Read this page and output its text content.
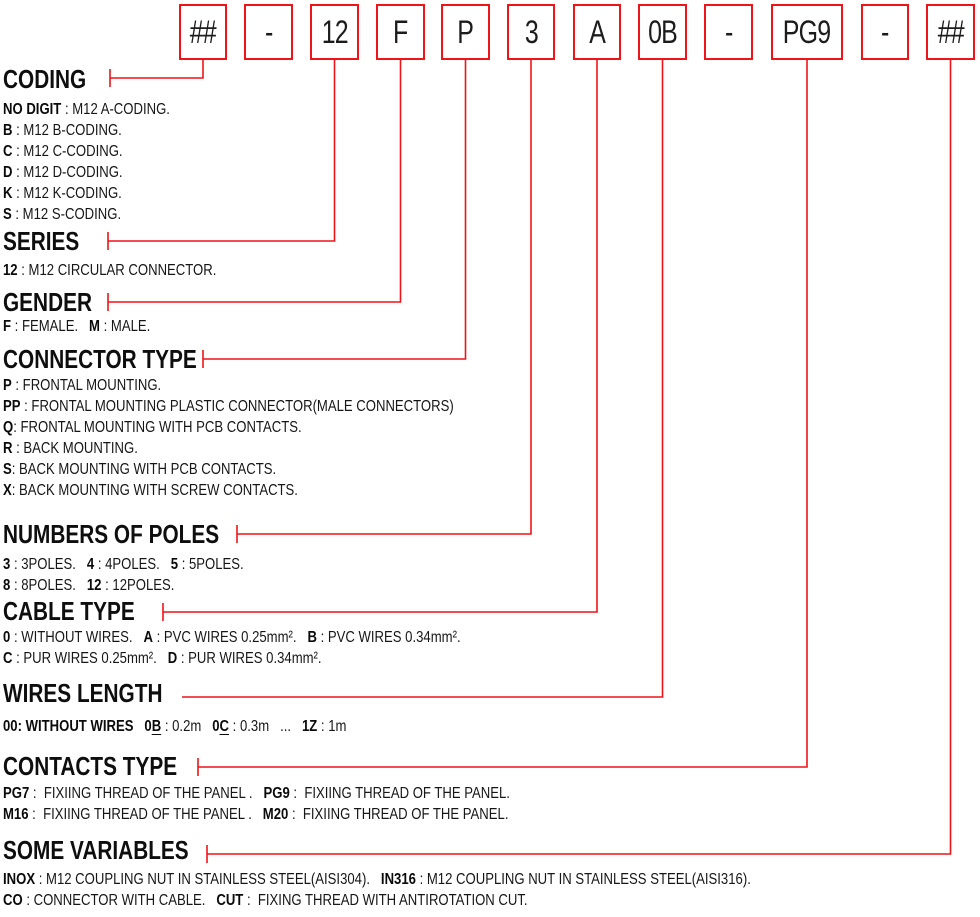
## - 12 F P 3 A 0B - PG9 - ##
CODING
NO DIGIT : M12 A-CODING.
B : M12 B-CODING.
C : M12 C-CODING.
D : M12 D-CODING.
K : M12 K-CODING.
S : M12 S-CODING.
SERIES
12 : M12 CIRCULAR CONNECTOR.
GENDER
F : FEMALE.   M : MALE.
CONNECTOR TYPE
P : FRONTAL MOUNTING.
PP : FRONTAL MOUNTING PLASTIC CONNECTOR(MALE CONNECTORS)
Q: FRONTAL MOUNTING WITH PCB CONTACTS.
R : BACK MOUNTING.
S: BACK MOUNTING WITH PCB CONTACTS.
X: BACK MOUNTING WITH SCREW CONTACTS.
NUMBERS OF POLES
3 : 3POLES.   4 : 4POLES.   5 : 5POLES.
8 : 8POLES.   12 : 12POLES.
CABLE TYPE
0 : WITHOUT WIRES.   A : PVC WIRES 0.25mm².   B : PVC WIRES 0.34mm².
C : PUR WIRES 0.25mm².   D : PUR WIRES 0.34mm².
WIRES LENGTH
00: WITHOUT WIRES 0B : 0.2m   0C : 0.3m   ...   1Z : 1m
CONTACTS TYPE
PG7 :  FIXIING THREAD OF THE PANEL .   PG9 :  FIXIING THREAD OF THE PANEL.
M16 :  FIXIING THREAD OF THE PANEL .   M20 :  FIXIING THREAD OF THE PANEL.
SOME VARIABLES
INOX : M12 COUPLING NUT IN STAINLESS STEEL(AISI304).   IN316 : M12 COUPLING NUT IN STAINLESS STEEL(AISI316).
CO : CONNECTOR WITH CABLE.   CUT :  FIXING THREAD WITH ANTIROTATION CUT.
